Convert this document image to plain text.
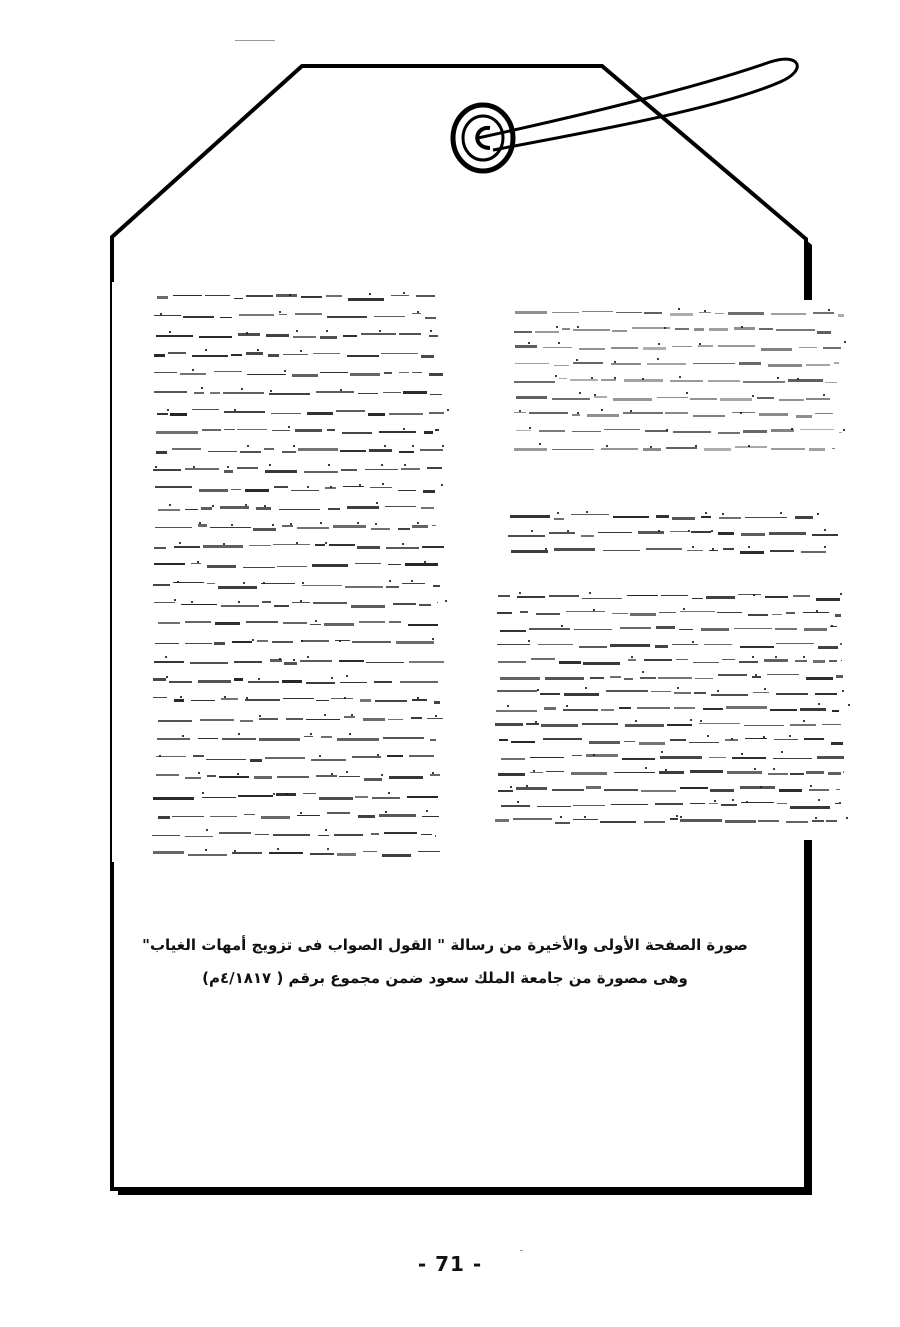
صورة الصفحة الأولى والأخيرة من رسالة " القول الصواب فى تزويج أمهات الغياب"
وهى مصورة من جامعة الملك سعود ضمن مجموع برقم ( ٤/١٨١٧م)
- 71 -
